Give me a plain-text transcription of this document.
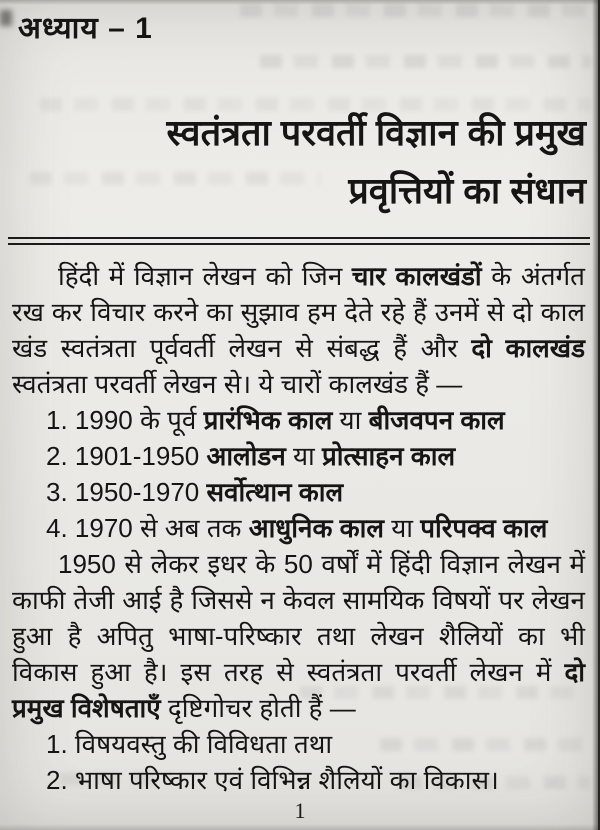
अध्याय – 1
स्वतंत्रता परवर्ती विज्ञान की प्रमुख
प्रवृत्तियों का संधान

हिंदी में विज्ञान लेखन को जिन चार कालखंडों के अंतर्गत रख कर विचार करने का सुझाव हम देते रहे हैं उनमें से दो काल खंड स्वतंत्रता पूर्ववर्ती लेखन से संबद्ध हैं और दो कालखंड स्वतंत्रता परवर्ती लेखन से। ये चारों कालखंड हैं —

1. 1990 के पूर्व प्रारंभिक काल या बीजवपन काल

2. 1901-1950 आलोडन या प्रोत्साहन काल

3. 1950-1970 सर्वोत्थान काल

4. 1970 से अब तक आधुनिक काल या परिपक्व काल

1950 से लेकर इधर के 50 वर्षों में हिंदी विज्ञान लेखन में काफी तेजी आई है जिससे न केवल सामयिक विषयों पर लेखन हुआ है अपितु भाषा-परिष्कार तथा लेखन शैलियों का भी विकास हुआ है। इस तरह से स्वतंत्रता परवर्ती लेखन में दो प्रमुख विशेषताएँ दृष्टिगोचर होती हैं —

1. विषयवस्तु की विविधता तथा

2. भाषा परिष्कार एवं विभिन्न शैलियों का विकास।

1
